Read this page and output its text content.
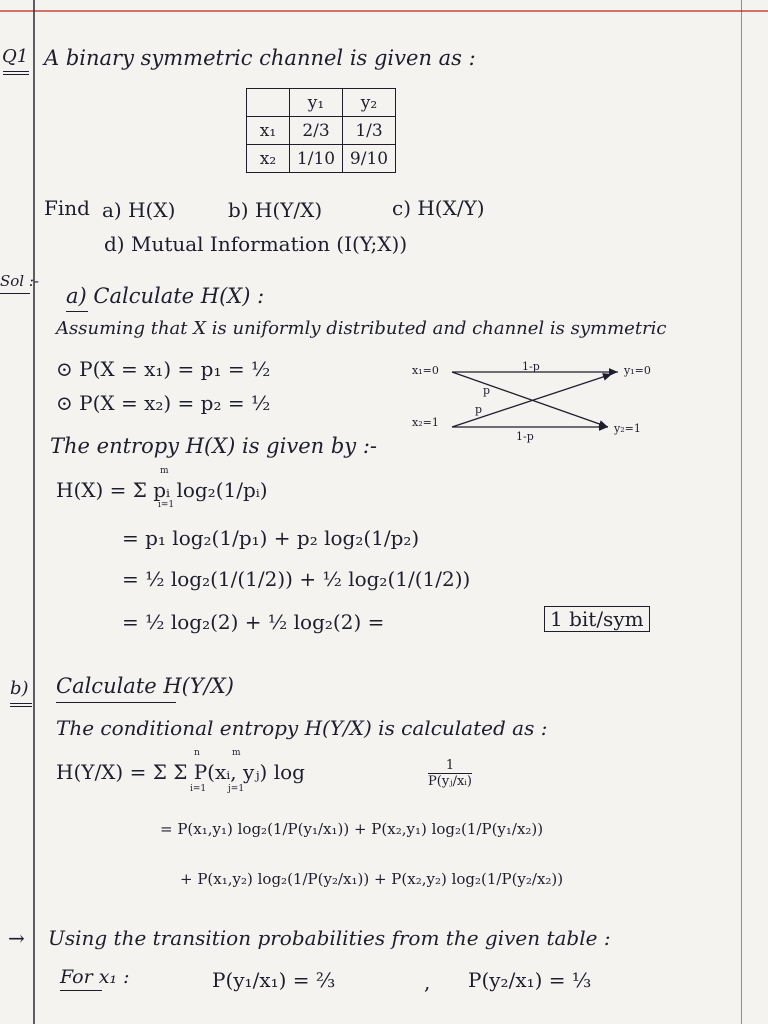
Q1 A binary symmetric channel is given as :
	y₁	y₂
x₁	2/3	1/3
x₂	1/10	9/10
Find a) H(X)	b) H(Y/X)	c) H(X/Y)
d) Mutual Information (I(Y;X))
Sol :-
a) Calculate H(X) :
Assuming that X is uniformly distributed and channel is symmetric
⊙ P(X = x₁) = p₁ = ½
⊙ P(X = x₂) = p₂ = ½
x₁=0
x₂=1
y₁=0
y₂=1
1-p
1-p
p
p
The entropy H(X) is given by :-
m
H(X) = Σ pᵢ log₂(1/pᵢ)
i=1
= p₁ log₂(1/p₁) + p₂ log₂(1/p₂)
= ½ log₂(1/(1/2)) + ½ log₂(1/(1/2))
= ½ log₂(2) + ½ log₂(2) =	1 bit/sym
b) Calculate H(Y/X)
The conditional entropy H(Y/X) is calculated as :
n	m
H(Y/X) = Σ Σ P(xᵢ, yⱼ) log
i=1 j=1	$\frac{1}{\text{P(yⱼ/xᵢ)}}$
= P(x₁,y₁) log₂(1/P(y₁/x₁)) + P(x₂,y₁) log₂(1/P(y₁/x₂))
+ P(x₁,y₂) log₂(1/P(y₂/x₁)) + P(x₂,y₂) log₂(1/P(y₂/x₂))
→ Using the transition probabilities from the given table :
For x₁ :	P(y₁/x₁) = ⅔	, P(y₂/x₁) = ⅓
